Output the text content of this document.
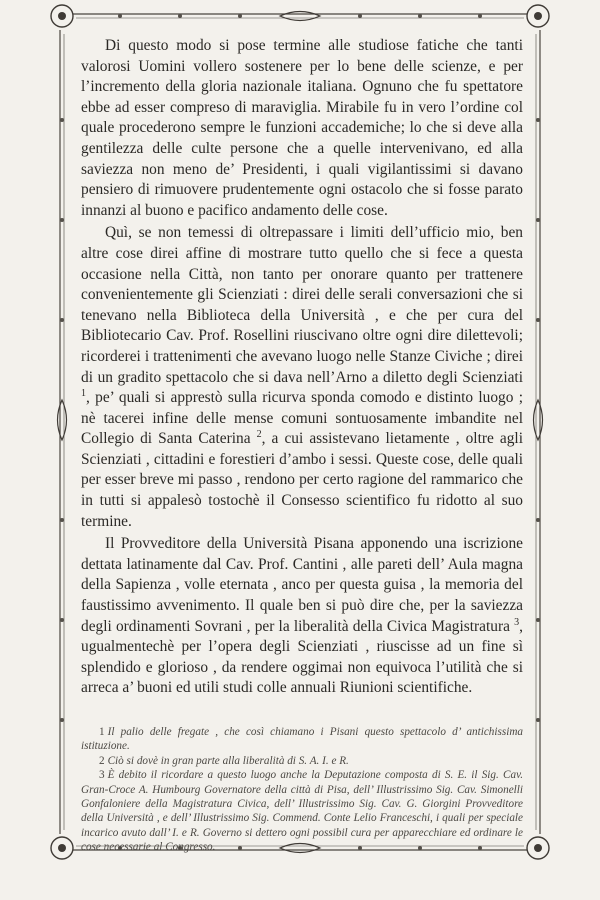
Di questo modo si pose termine alle studiose fatiche che tanti valorosi Uomini vollero sostenere per lo bene delle scienze, e per l’incremento della gloria nazionale italiana. Ognuno che fu spettatore ebbe ad esser compreso di maraviglia. Mirabile fu in vero l’ordine col quale procederono sempre le funzioni accademiche; lo che si deve alla gentilezza delle culte persone che a quelle intervenivano, ed alla saviezza non meno de’ Presidenti, i quali vigilantissimi si davano pensiero di rimuovere prudentemente ogni ostacolo che si fosse parato innanzi al buono e pacifico andamento delle cose.

Quì, se non temessi di oltrepassare i limiti dell’ufficio mio, ben altre cose direi affine di mostrare tutto quello che si fece a questa occasione nella Città, non tanto per onorare quanto per trattenere convenientemente gli Scienziati : direi delle serali conversazioni che si tenevano nella Biblioteca della Università , e che per cura del Bibliotecario Cav. Prof. Rosellini riuscivano oltre ogni dire dilettevoli; ricorderei i trattenimenti che avevano luogo nelle Stanze Civiche ; direi di un gradito spettacolo che si dava nell’Arno a diletto degli Scienziati $^1$, pe’ quali si apprestò sulla ricurva sponda comodo e distinto luogo ; nè tacerei infine delle mense comuni sontuosamente imbandite nel Collegio di Santa Caterina $^2$, a cui assistevano lietamente , oltre agli Scienziati , cittadini e forestieri d’ambo i sessi. Queste cose, delle quali per esser breve mi passo , rendono per certo ragione del rammarico che in tutti si appalesò tostochè il Consesso scientifico fu ridotto al suo termine.

Il Provveditore della Università Pisana apponendo una iscrizione dettata latinamente dal Cav. Prof. Cantini , alle pareti dell’ Aula magna della Sapienza , volle eternata , anco per questa guisa , la memoria del faustissimo avvenimento. Il quale ben si può dire che, per la saviezza degli ordinamenti Sovrani , per la liberalità della Civica Magistratura $^3$, ugualmentechè per l’opera degli Scienziati , riuscisse ad un fine sì splendido e glorioso , da rendere oggimai non equivoca l’utilità che si arreca a’ buoni ed utili studi colle annuali Riunioni scientifiche.

1 Il palio delle fregate , che così chiamano i Pisani questo spettacolo d’ antichissima istituzione.

2 Ciò si dovè in gran parte alla liberalità di S. A. I. e R.

3 È debito il ricordare a questo luogo anche la Deputazione composta di S. E. il Sig. Cav. Gran-Croce A. Humbourg Governatore della città di Pisa, dell’ Illustrissimo Sig. Cav. Simonelli Gonfaloniere della Magistratura Civica, dell’ Illustrissimo Sig. Cav. G. Giorgini Provveditore della Università , e dell’ Illustrissimo Sig. Commend. Conte Lelio Franceschi, i quali per speciale incarico avuto dall’ I. e R. Governo si dettero ogni possibil cura per apparecchiare ed ordinare le cose necessarie al Congresso.
